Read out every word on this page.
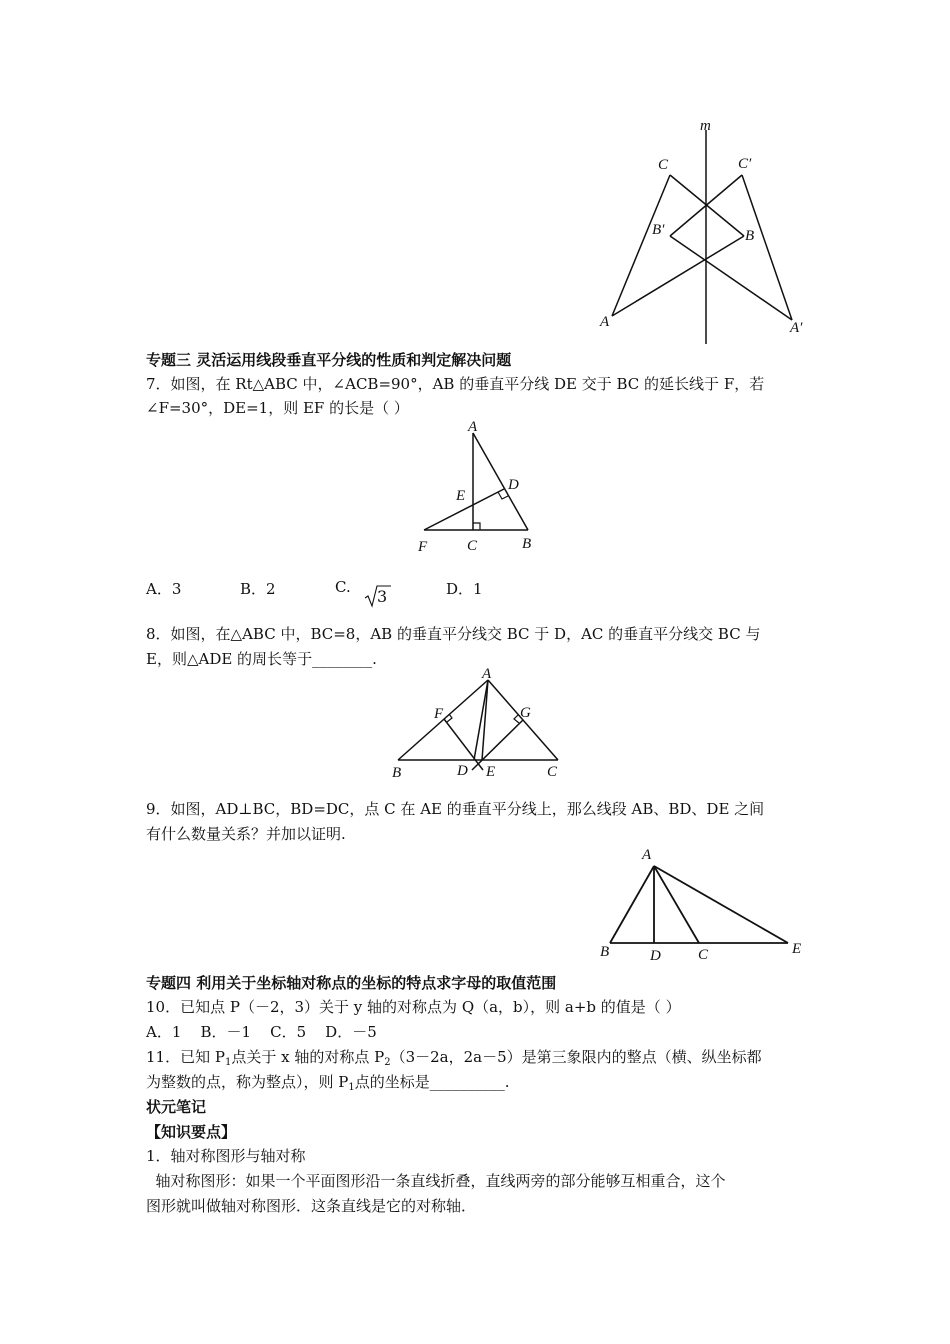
m
C	C′
B′	B
A	A′
专题三 灵活运用线段垂直平分线的性质和判定解决问题
7．如图，在 Rt△ABC 中，∠ACB=90°，AB 的垂直平分线 DE 交于 BC 的延长线于 F，若
∠F=30°，DE=1，则 EF 的长是（ ）
A
D
E
F	C	B
A．3	B．2	C. 3	D．1
8．如图，在△ABC 中，BC=8，AB 的垂直平分线交 BC 于 D，AC 的垂直平分线交 BC 与
E，则△ADE 的周长等于________.
A
F	G
B	D E	C
9．如图，AD⊥BC，BD=DC，点 C 在 AE 的垂直平分线上，那么线段 AB、BD、DE 之间
有什么数量关系？并加以证明.
A
B	D C	E
专题四 利用关于坐标轴对称点的坐标的特点求字母的取值范围
10．已知点 P（－2，3）关于 y 轴的对称点为 Q（a，b），则 a+b 的值是（ ）
A．1    B．－1    C．5    D．－5
11．已知 $P_1$点关于 x 轴的对称点 $P_2(3-2a$，2a－5）是第三象限内的整点（横、纵坐标都
为整数的点，称为整点），则 $P_1$点的坐标是__________.
状元笔记
【知识要点】
1．轴对称图形与轴对称
轴对称图形：如果一个平面图形沿一条直线折叠，直线两旁的部分能够互相重合，这个
图形就叫做轴对称图形．这条直线是它的对称轴．
